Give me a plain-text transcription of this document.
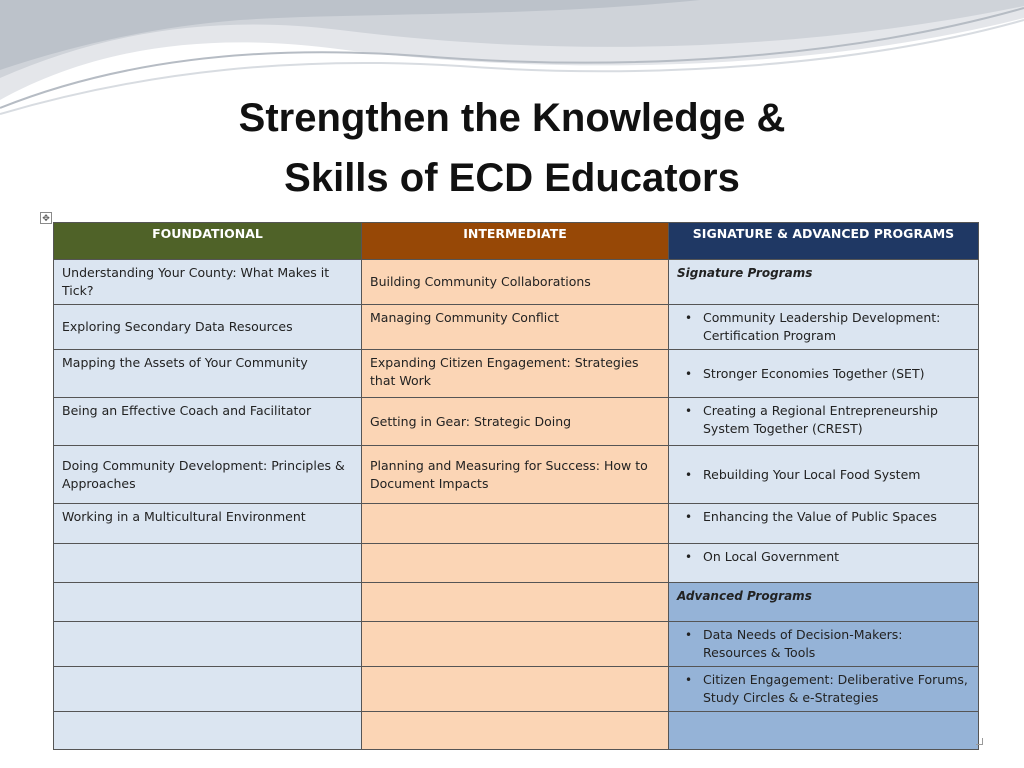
Strengthen the Knowledge &
Skills of ECD Educators
✥
FOUNDATIONAL	INTERMEDIATE	SIGNATURE & ADVANCED PROGRAMS
Understanding Your County: What Makes it Tick?	Building Community Collaborations	Signature Programs

Exploring Secondary Data Resources	Managing Community Conflict	• Community Leadership Development: Certification Program

Mapping the Assets of Your Community	Expanding Citizen Engagement: Strategies that Work	• Stronger Economies Together (SET)

Being an Effective Coach and Facilitator	Getting in Gear: Strategic Doing	• Creating a Regional Entrepreneurship System Together (CREST)

Doing Community Development: Principles & Approaches	Planning and Measuring for Success: How to Document Impacts	• Rebuilding Your Local Food System

Working in a Multicultural Environment		• Enhancing the Value of Public Spaces

		• On Local Government

		Advanced Programs

		• Data Needs of Decision-Makers: Resources & Tools

		• Citizen Engagement: Deliberative Forums, Study Circles & e-Strategies
